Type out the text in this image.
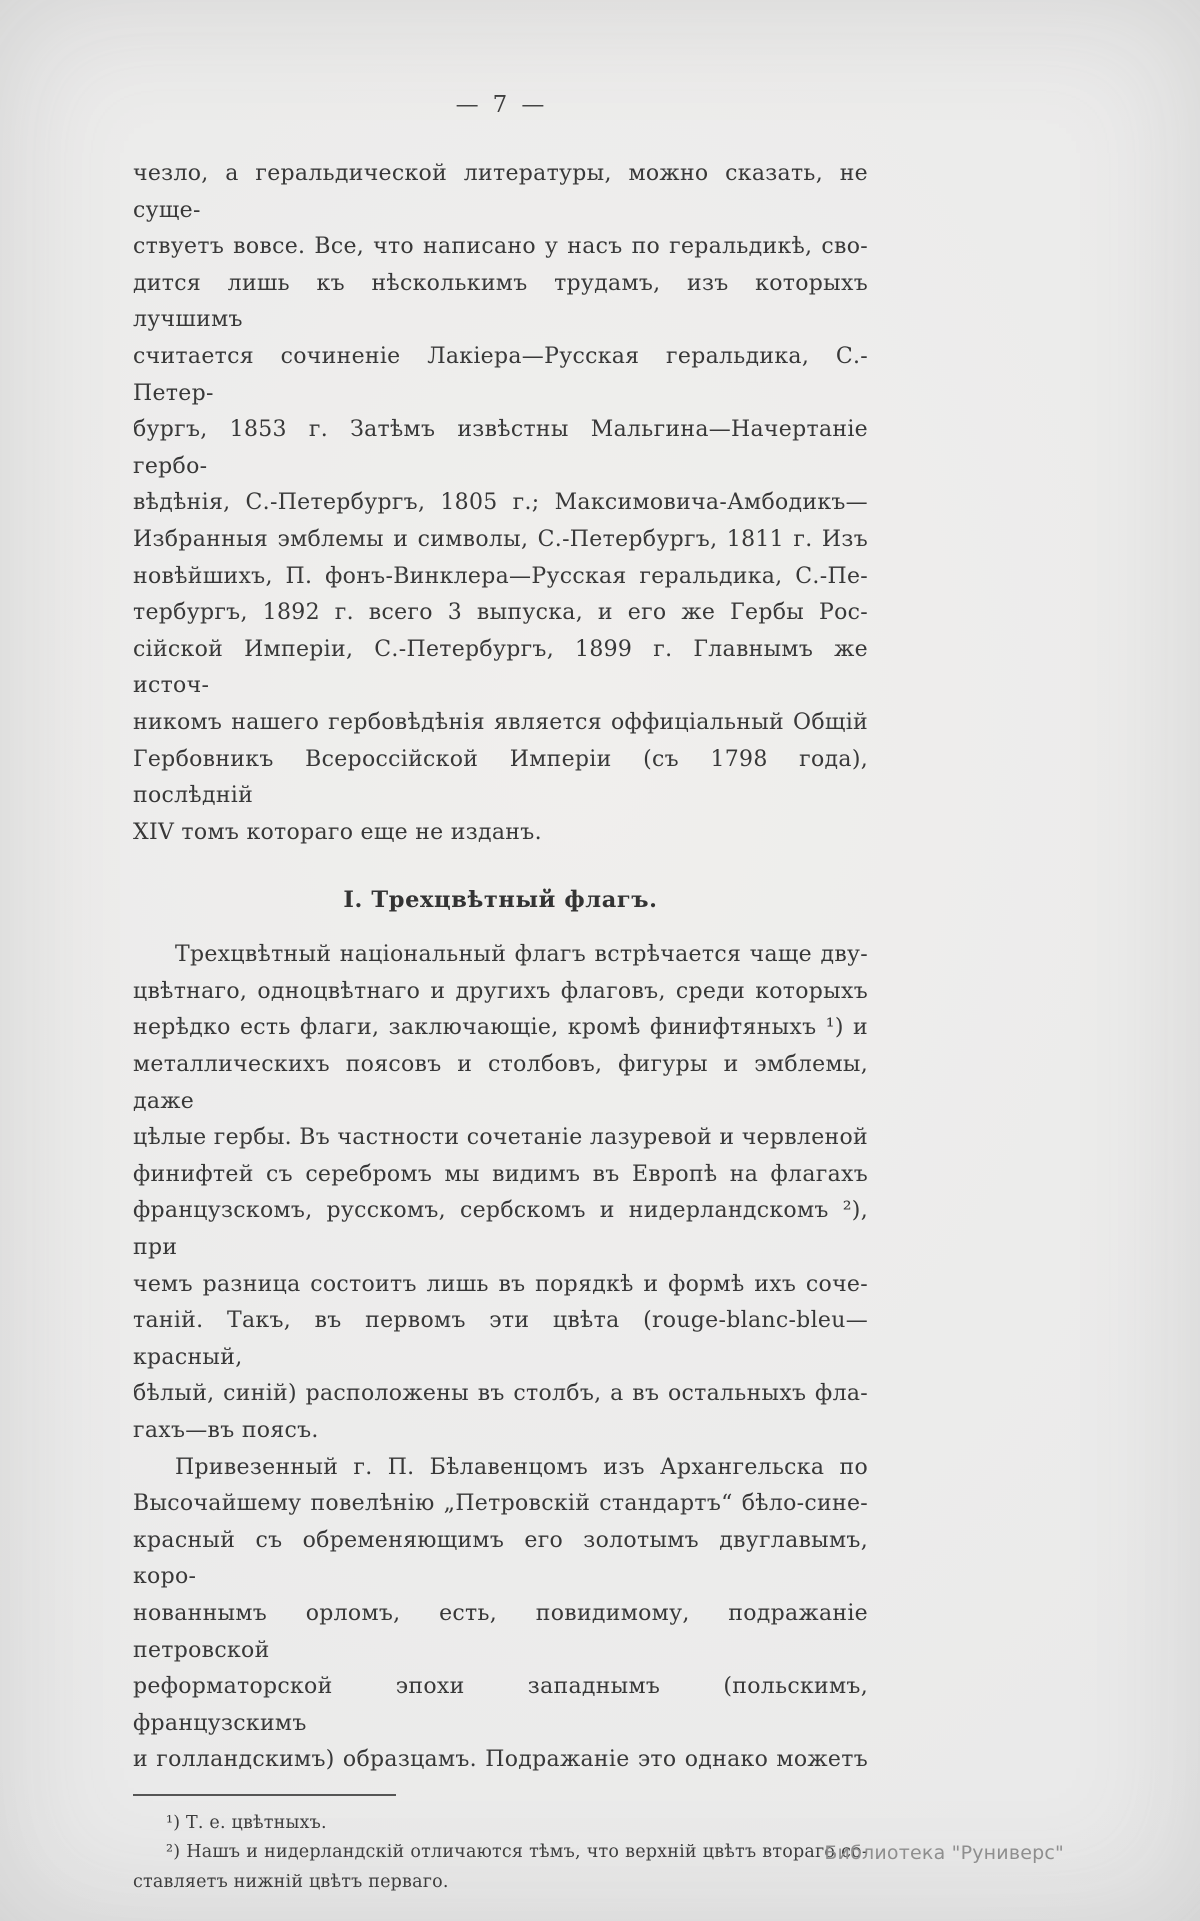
— 7 —
чезло, а геральдической литературы, можно сказать, не суще-
ствуетъ вовсе. Все, что написано у насъ по геральдикѣ, сво-
дится лишь къ нѣсколькимъ трудамъ, изъ которыхъ лучшимъ
считается сочиненіе Лакіера—Русская геральдика, С.-Петер-
бургъ, 1853 г. Затѣмъ извѣстны Мальгина—Начертаніе гербо-
вѣдѣнія, С.-Петербургъ, 1805 г.; Максимовича-Амбодикъ—
Избранныя эмблемы и символы, С.-Петербургъ, 1811 г. Изъ
новѣйшихъ, П. фонъ-Винклера—Русская геральдика, С.-Пе-
тербургъ, 1892 г. всего 3 выпуска, и его же Гербы Рос-
сійской Имперіи, С.-Петербургъ, 1899 г. Главнымъ же источ-
никомъ нашего гербовѣдѣнія является оффиціальный Общій
Гербовникъ Всероссійской Имперіи (съ 1798 года), послѣдній
XIV томъ котораго еще не изданъ.
I. Трехцвѣтный флагъ.
Трехцвѣтный національный флагъ встрѣчается чаще дву-
цвѣтнаго, одноцвѣтнаго и другихъ флаговъ, среди которыхъ
нерѣдко есть флаги, заключающіе, кромѣ финифтяныхъ ¹) и
металлическихъ поясовъ и столбовъ, фигуры и эмблемы, даже
цѣлые гербы. Въ частности сочетаніе лазуревой и червленой
финифтей съ серебромъ мы видимъ въ Европѣ на флагахъ
французскомъ, русскомъ, сербскомъ и нидерландскомъ ²), при
чемъ разница состоитъ лишь въ порядкѣ и формѣ ихъ соче-
таній. Такъ, въ первомъ эти цвѣта (rouge-blanc-bleu—красный,
бѣлый, синій) расположены въ столбъ, а въ остальныхъ фла-
гахъ—въ поясъ.
Привезенный г. П. Бѣлавенцомъ изъ Архангельска по
Высочайшему повелѣнію „Петровскій стандартъ“ бѣло-сине-
красный съ обременяющимъ его золотымъ двуглавымъ, коро-
нованнымъ орломъ, есть, повидимому, подражаніе петровской
реформаторской эпохи западнымъ (польскимъ, французскимъ
и голландскимъ) образцамъ. Подражаніе это однако можетъ
¹) Т. е. цвѣтныхъ.
²) Нашъ и нидерландскій отличаются тѣмъ, что верхній цвѣтъ втораго со-
ставляетъ нижній цвѣтъ перваго.
Библиотека "Руниверс"
